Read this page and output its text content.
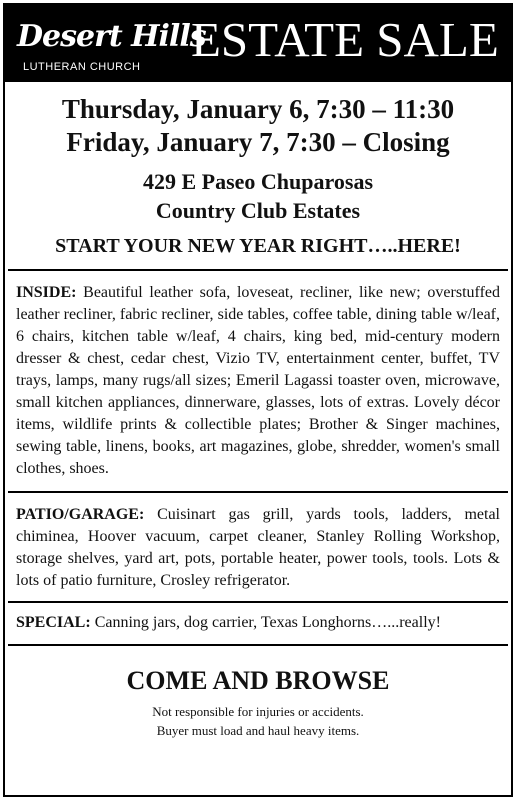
Desert Hills
LUTHERAN CHURCH ESTATE SALE
Thursday, January 6, 7:30 – 11:30
Friday, January 7, 7:30 – Closing
429 E Paseo Chuparosas
Country Club Estates
START YOUR NEW YEAR RIGHT…..HERE!

INSIDE: Beautiful leather sofa, loveseat, recliner, like new; overstuffed leather recliner, fabric recliner, side tables, coffee table, dining table w/leaf, 6 chairs, kitchen table w/leaf, 4 chairs, king bed, mid-century modern dresser & chest, cedar chest, Vizio TV, entertainment center, buffet, TV trays, lamps, many rugs/all sizes; Emeril Lagassi toaster oven, microwave, small kitchen appliances, dinnerware, glasses, lots of extras. Lovely décor items, wildlife prints & collectible plates; Brother & Singer machines, sewing table, linens, books, art magazines, globe, shredder, women's small clothes, shoes.

PATIO/GARAGE: Cuisinart gas grill, yards tools, ladders, metal chiminea, Hoover vacuum, carpet cleaner, Stanley Rolling Workshop, storage shelves, yard art, pots, portable heater, power tools, tools. Lots & lots of patio furniture, Crosley refrigerator.

SPECIAL: Canning jars, dog carrier, Texas Longhorns…...really!

COME AND BROWSE
Not responsible for injuries or accidents.
Buyer must load and haul heavy items.
